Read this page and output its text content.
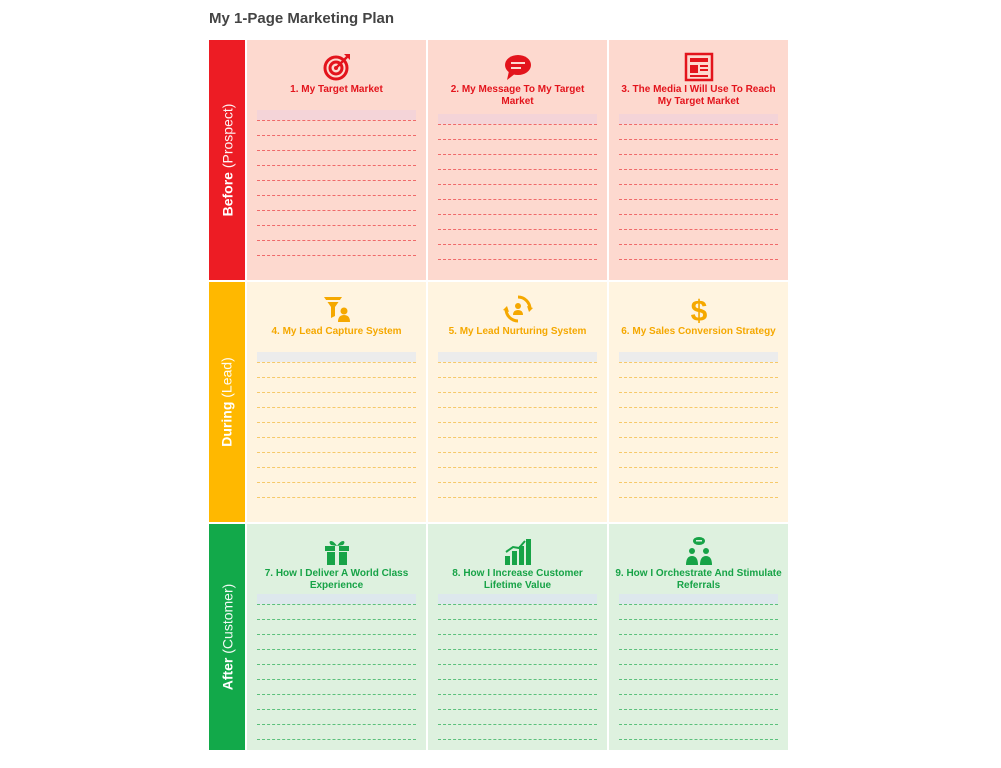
My 1-Page Marketing Plan
Before (Prospect)
1. My Target Market	2. My Message To My Target Market
3. The Media I Will Use To Reach My Target Market
During (Lead)
4. My Lead Capture System	5. My Lead Nurturing System
$
6. My Sales Conversion Strategy
After (Customer)
7. How I Deliver A World Class Experience
8. How I Increase Customer Lifetime Value
9. How I Orchestrate And Stimulate Referrals
